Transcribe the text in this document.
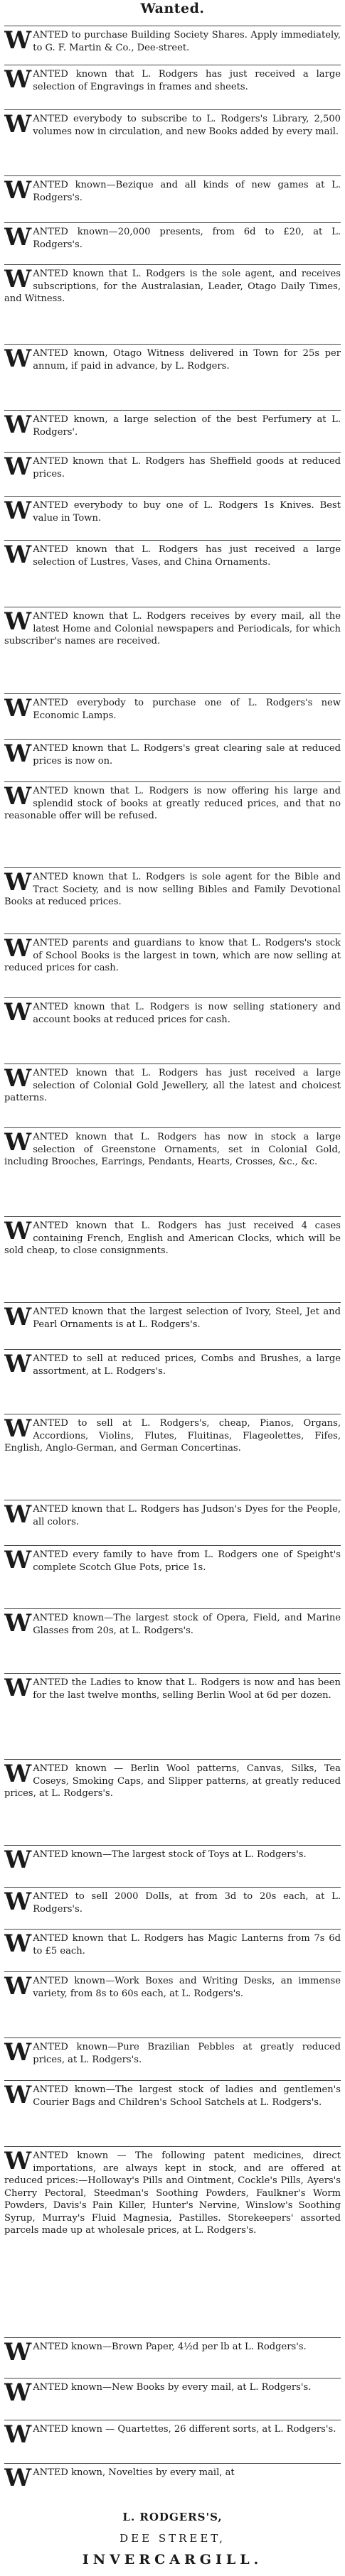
Wanted.
WANTED to purchase Building Society Shares. Apply immediately, to G. F. Martin & Co., Dee-street.
WANTED known that L. Rodgers has just received a large selection of Engravings in frames and sheets.
WANTED everybody to subscribe to L. Rodgers's Library, 2,500 volumes now in circulation, and new Books added by every mail.
WANTED known—Bezique and all kinds of new games at L. Rodgers's.
WANTED known—20,000 presents, from 6d to £20, at L. Rodgers's.
WANTED known that L. Rodgers is the sole agent, and receives subscriptions, for the Australasian, Leader, Otago Daily Times, and Witness.
WANTED known, Otago Witness delivered in Town for 25s per annum, if paid in advance, by L. Rodgers.
WANTED known, a large selection of the best Perfumery at L. Rodgers'.
WANTED known that L. Rodgers has Sheffield goods at reduced prices.
WANTED everybody to buy one of L. Rodgers 1s Knives. Best value in Town.
WANTED known that L. Rodgers has just received a large selection of Lustres, Vases, and China Ornaments.
WANTED known that L. Rodgers receives by every mail, all the latest Home and Colonial newspapers and Periodicals, for which subscriber's names are received.
WANTED everybody to purchase one of L. Rodgers's new Economic Lamps.
WANTED known that L. Rodgers's great clearing sale at reduced prices is now on.
WANTED known that L. Rodgers is now offering his large and splendid stock of books at greatly reduced prices, and that no reasonable offer will be refused.
WANTED known that L. Rodgers is sole agent for the Bible and Tract Society, and is now selling Bibles and Family Devotional Books at reduced prices.
WANTED parents and guardians to know that L. Rodgers's stock of School Books is the largest in town, which are now selling at reduced prices for cash.
WANTED known that L. Rodgers is now selling stationery and account books at reduced prices for cash.
WANTED known that L. Rodgers has just received a large selection of Colonial Gold Jewellery, all the latest and choicest patterns.
WANTED known that L. Rodgers has now in stock a large selection of Greenstone Ornaments, set in Colonial Gold, including Brooches, Earrings, Pendants, Hearts, Crosses, &c., &c.
WANTED known that L. Rodgers has just received 4 cases containing French, English and American Clocks, which will be sold cheap, to close consignments.
WANTED known that the largest selection of Ivory, Steel, Jet and Pearl Ornaments is at L. Rodgers's.
WANTED to sell at reduced prices, Combs and Brushes, a large assortment, at L. Rodgers's.
WANTED to sell at L. Rodgers's, cheap, Pianos, Organs, Accordions, Violins, Flutes, Fluitinas, Flageolettes, Fifes, English, Anglo-German, and German Concertinas.
WANTED known that L. Rodgers has Judson's Dyes for the People, all colors.
WANTED every family to have from L. Rodgers one of Speight's complete Scotch Glue Pots, price 1s.
WANTED known—The largest stock of Opera, Field, and Marine Glasses from 20s, at L. Rodgers's.
WANTED the Ladies to know that L. Rodgers is now and has been for the last twelve months, selling Berlin Wool at 6d per dozen.
WANTED known — Berlin Wool patterns, Canvas, Silks, Tea Coseys, Smoking Caps, and Slipper patterns, at greatly reduced prices, at L. Rodgers's.
WANTED known—The largest stock of Toys at L. Rodgers's.
WANTED to sell 2000 Dolls, at from 3d to 20s each, at L. Rodgers's.
WANTED known that L. Rodgers has Magic Lanterns from 7s 6d to £5 each.
WANTED known—Work Boxes and Writing Desks, an immense variety, from 8s to 60s each, at L. Rodgers's.
WANTED known—Pure Brazilian Pebbles at greatly reduced prices, at L. Rodgers's.
WANTED known—The largest stock of ladies and gentlemen's Courier Bags and Children's School Satchels at L. Rodgers's.
WANTED known — The following patent medicines, direct importations, are always kept in stock, and are offered at reduced prices:—Holloway's Pills and Ointment, Cockle's Pills, Ayers's Cherry Pectoral, Steedman's Soothing Powders, Faulkner's Worm Powders, Davis's Pain Killer, Hunter's Nervine, Winslow's Soothing Syrup, Murray's Fluid Magnesia, Pastilles. Storekeepers' assorted parcels made up at wholesale prices, at L. Rodgers's.
WANTED known—Brown Paper, 4½d per lb at L. Rodgers's.
WANTED known—New Books by every mail, at L. Rodgers's.
WANTED known — Quartettes, 26 different sorts, at L. Rodgers's.
WANTED known, Novelties by every mail, at
L. RODGERS'S,
DEE STREET,
INVERCARGILL.
